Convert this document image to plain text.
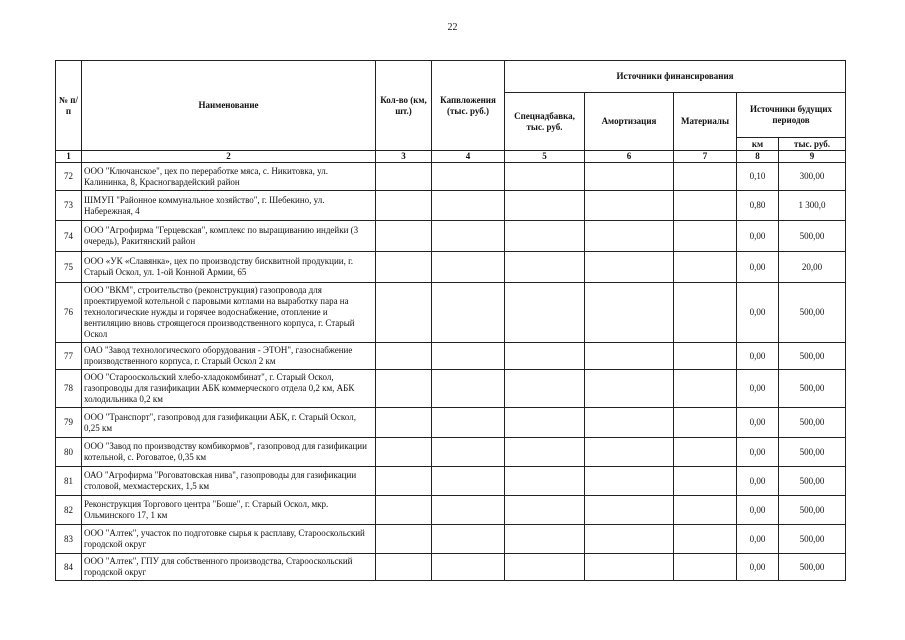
22
№ п/п	Наименование	Кол-во (км, шт.)	Капвложения (тыс. руб.)	Источники финансирования				
				Спецнадбавка, тыс. руб.	Амортизация	Материалы	Источники будущих периодов	
							км	тыс. руб.
1	2	3	4	5	6	7	8	9
72	ООО "Ключанское", цех по переработке мяса, с. Никитовка, ул. Калининка, 8, Красногвардейский район						0,10	300,00
73	ШМУП "Районное коммунальное хозяйство", г. Шебекино, ул. Набережная, 4						0,80	1 300,0
74	ООО "Агрофирма "Герцевская", комплекс по выращиванию индейки (3 очередь), Ракитянский район						0,00	500,00
75	ООО «УК «Славянка», цех по производству бисквитной продукции, г. Старый Оскол, ул. 1-ой Конной Армии, 65						0,00	20,00
76	ООО "ВКМ", строительство (реконструкция) газопровода для проектируемой котельной с паровыми котлами на выработку пара на технологические нужды и горячее водоснабжение, отопление и вентиляцию вновь строящегося производственного корпуса, г. Старый Оскол						0,00	500,00
77	ОАО "Завод технологического оборудования - ЭТОН", газоснабжение производственного корпуса, г. Старый Оскол 2 км						0,00	500,00
78	ООО "Старооскольский хлебо-хладокомбинат", г. Старый Оскол, газопроводы для газификации АБК коммерческого отдела 0,2 км, АБК холодильника 0,2 км						0,00	500,00
79	ООО "Транспорт", газопровод для газификации АБК, г. Старый Оскол, 0,25 км						0,00	500,00
80	ООО "Завод по производству комбикормов", газопровод для газификации котельной, с. Роговатое, 0,35 км						0,00	500,00
81	ОАО "Агрофирма "Роговатовская нива", газопроводы для газификации столовой, мехмастерских, 1,5 км						0,00	500,00
82	Реконструкция Торгового центра "Боше", г. Старый Оскол, мкр. Ольминского 17, 1 км						0,00	500,00
83	ООО "Алтек", участок по подготовке сырья к расплаву, Старооскольский городской округ						0,00	500,00
84	ООО "Алтек", ГПУ для собственного производства, Старооскольский городской округ						0,00	500,00
